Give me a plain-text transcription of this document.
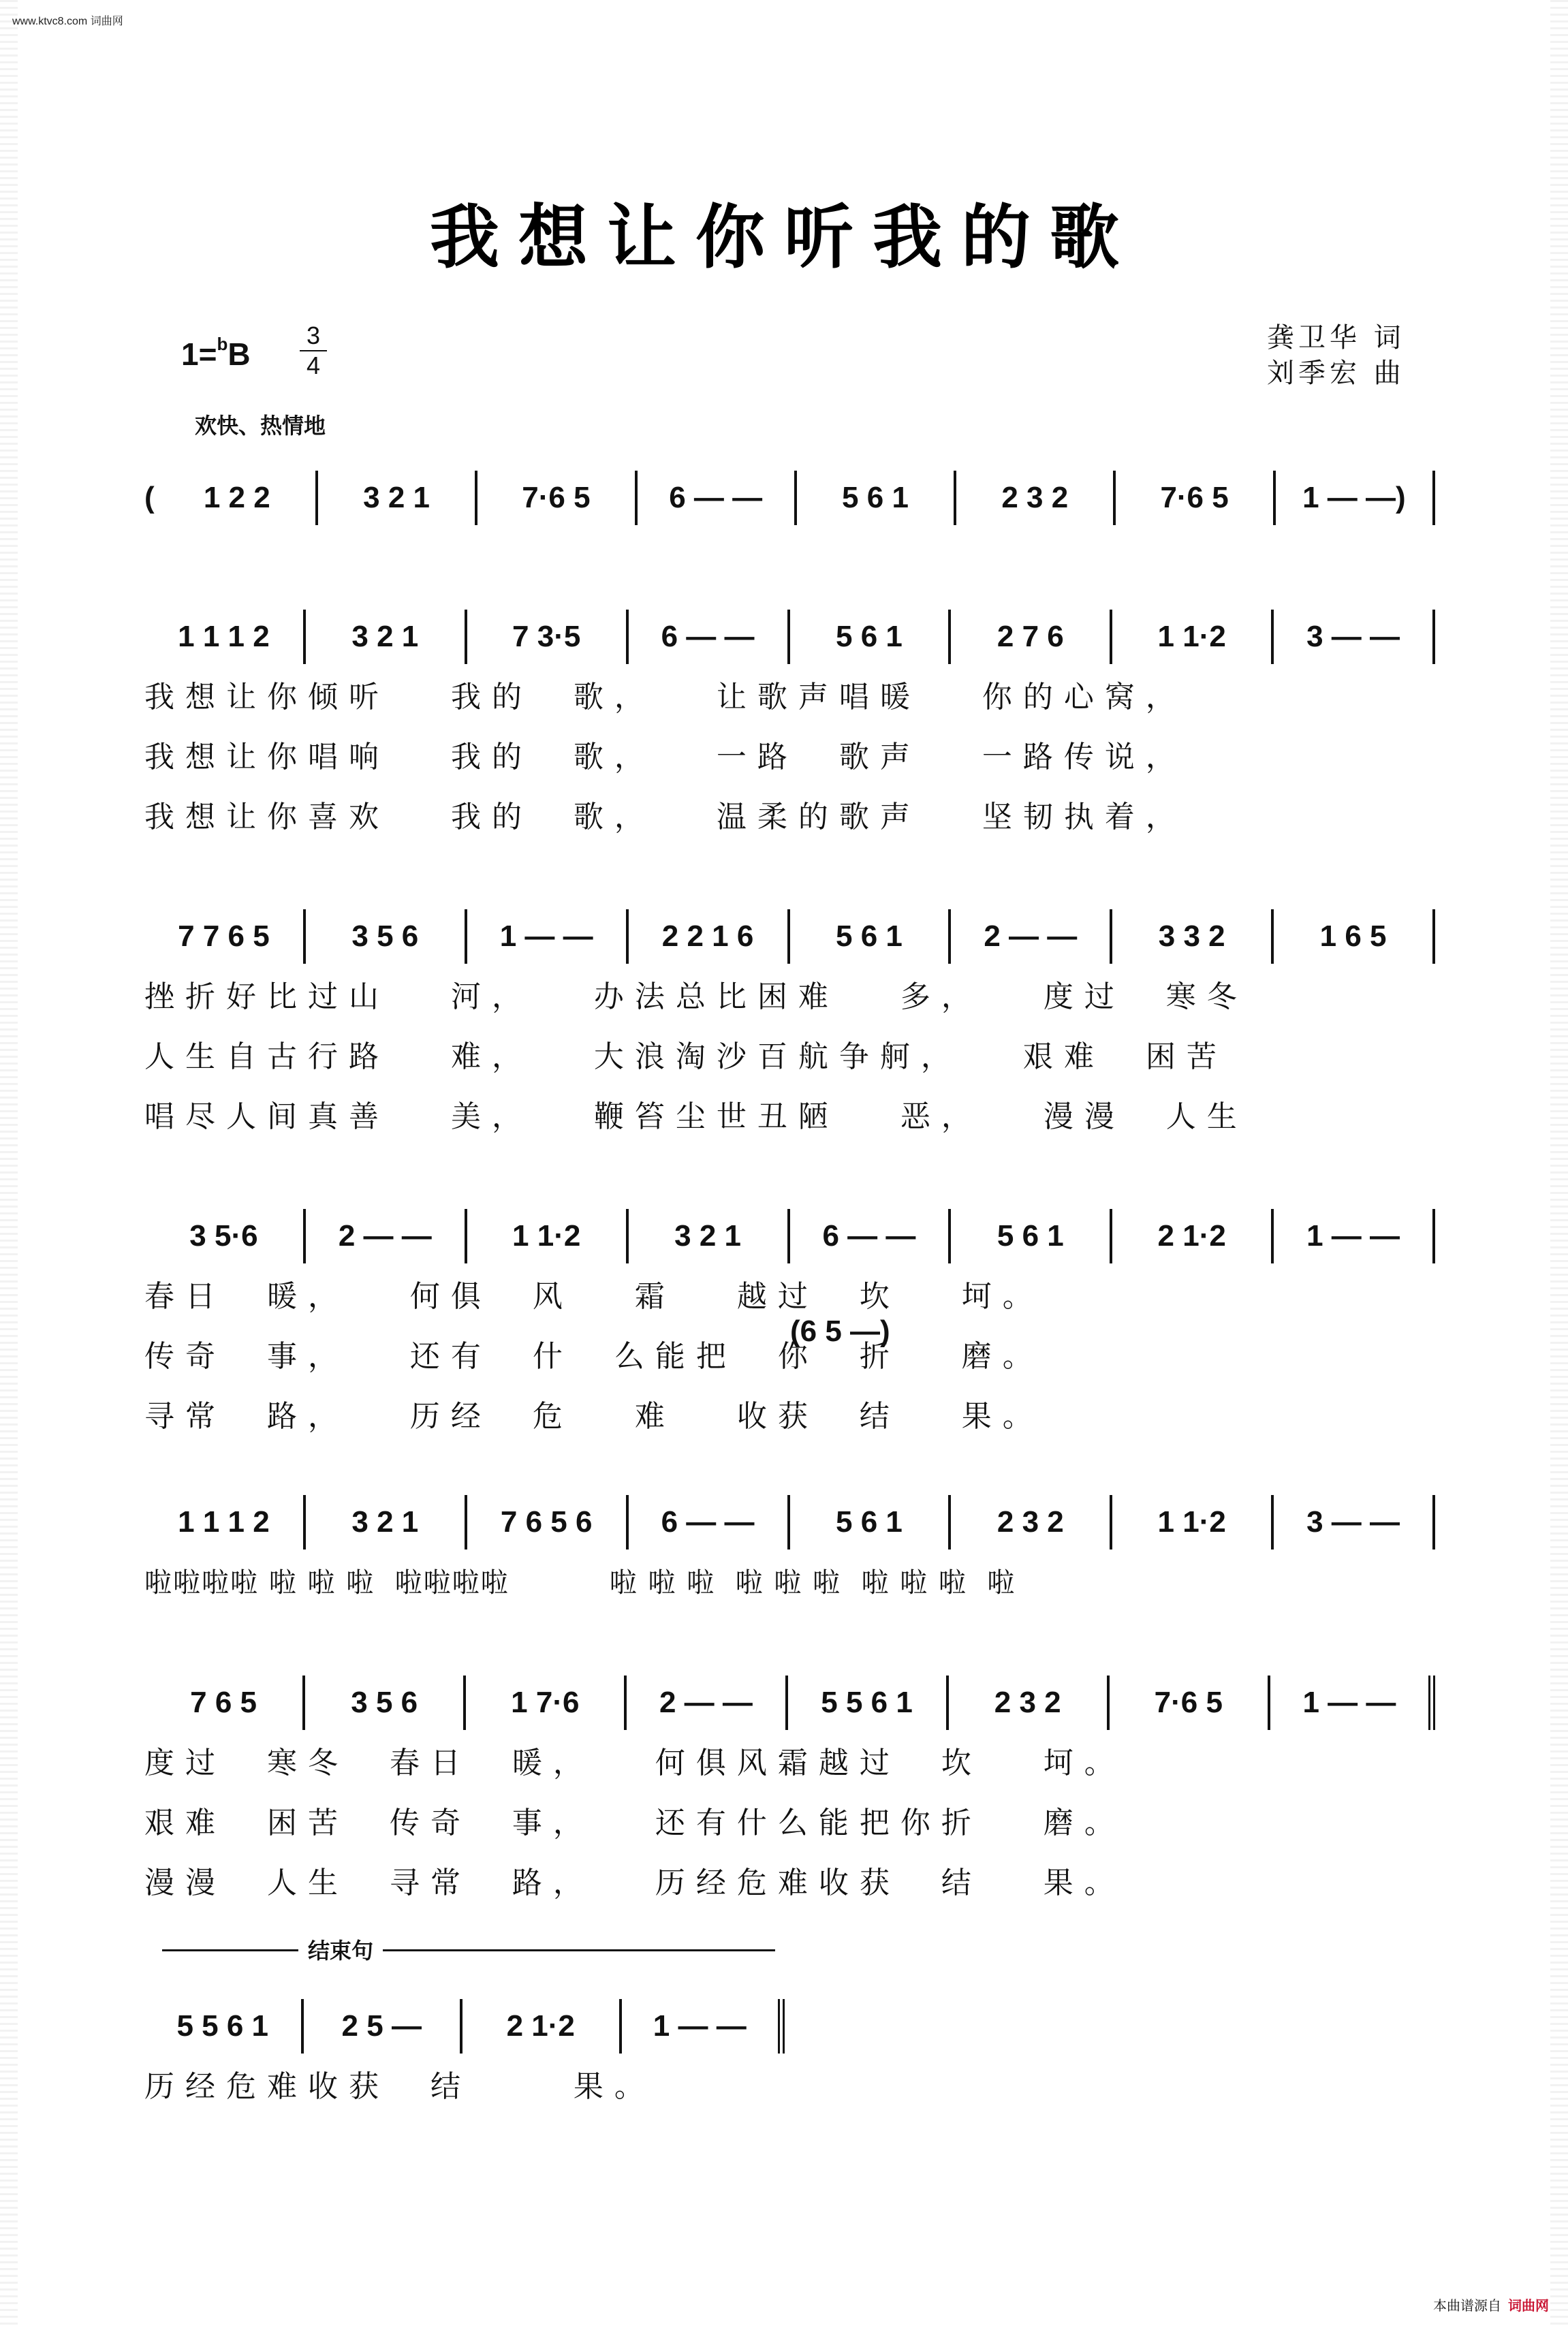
www.ktvc8.com 词曲网
我想让你听我的歌
1=$^b$B
3
4
龚卫华 词
刘季宏 曲
欢快、热情地
(	1 2 2	3 2 1	7·6 5	6 — —	5 6 1	2 3 2	7·6 5	1 — —)
1 1 1 2	3 2 1	7 3·5	6 — —	5 6 1	2 7 6	1 1·2	3 — —
我想让你倾听   我的  歌，   让歌声唱暖   你的心窝，
我想让你唱响   我的  歌，   一路  歌声   一路传说，
我想让你喜欢   我的  歌，   温柔的歌声   坚韧执着，
7 7 6 5	3 5 6	1 — —	2 2 1 6	5 6 1	2 — —	3 3 2	1 6 5
挫折好比过山   河，   办法总比困难   多，   度过  寒冬
人生自古行路   难，   大浪淘沙百航争舸，   艰难  困苦
唱尽人间真善   美，   鞭笞尘世丑陋   恶，   漫漫  人生
3 5·6	2 — —	1 1·2	3 2 1	6 — —	5 6 1	2 1·2	1 — —
春日  暖，   何俱  风   霜   越过  坎   坷。
传奇  事，   还有  什  么能把  你  折   磨。
寻常  路，   历经  危   难   收获  结   果。
(6 5 —)
1 1 1 2	3 2 1	7 6 5 6	6 — —	5 6 1	2 3 2	1 1·2	3 — —
啦啦啦啦 啦 啦 啦  啦啦啦啦          啦 啦 啦  啦 啦 啦  啦 啦 啦  啦
7 6 5	3 5 6	1 7·6	2 — —	5 5 6 1	2 3 2	7·6 5	1 — —
度过  寒冬  春日  暖，   何俱风霜越过  坎   坷。
艰难  困苦  传奇  事，   还有什么能把你折   磨。
漫漫  人生  寻常  路，   历经危难收获  结   果。
结束句
5 5 6 1	2 5 —	2 1·2	1 — —
历经危难收获  结     果。
本曲谱源自 词曲网
